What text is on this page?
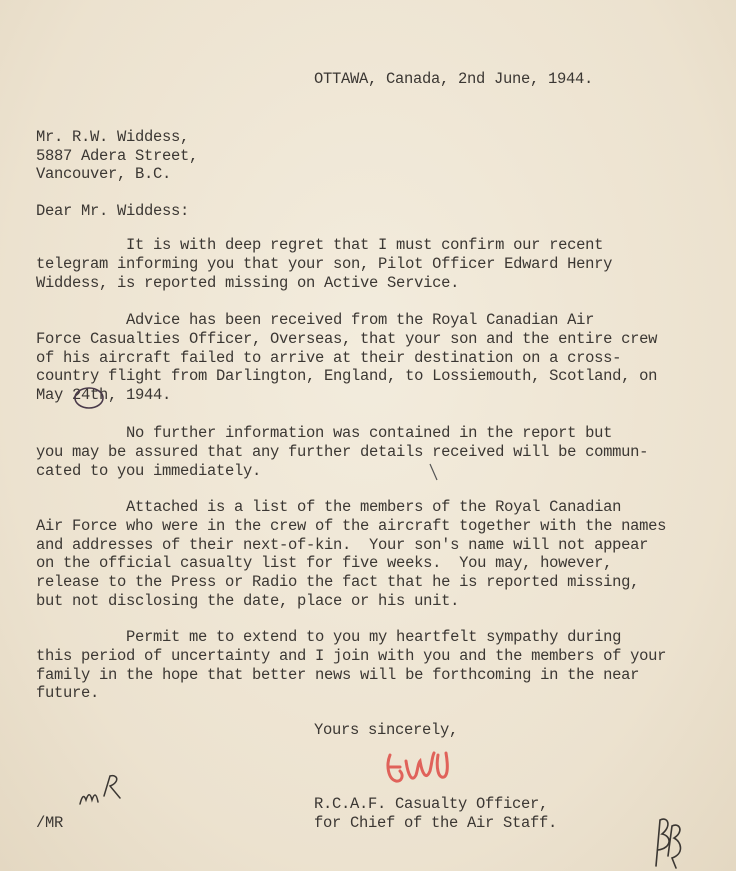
OTTAWA, Canada, 2nd June, 1944.
Mr. R.W. Widdess,
5887 Adera Street,
Vancouver, B.C.
Dear Mr. Widdess:
It is with deep regret that I must confirm our recent
telegram informing you that your son, Pilot Officer Edward Henry
Widdess, is reported missing on Active Service.
Advice has been received from the Royal Canadian Air
Force Casualties Officer, Overseas, that your son and the entire crew
of his aircraft failed to arrive at their destination on a cross-
country flight from Darlington, England, to Lossiemouth, Scotland, on
May 24th, 1944.
No further information was contained in the report but
you may be assured that any further details received will be commun-
cated to you immediately.
Attached is a list of the members of the Royal Canadian
Air Force who were in the crew of the aircraft together with the names
and addresses of their next-of-kin.  Your son's name will not appear
on the official casualty list for five weeks.  You may, however,
release to the Press or Radio the fact that he is reported missing,
but not disclosing the date, place or his unit.
Permit me to extend to you my heartfelt sympathy during
this period of uncertainty and I join with you and the members of your
family in the hope that better news will be forthcoming in the near
future.
Yours sincerely,
R.C.A.F. Casualty Officer,
for Chief of the Air Staff.
/MR
